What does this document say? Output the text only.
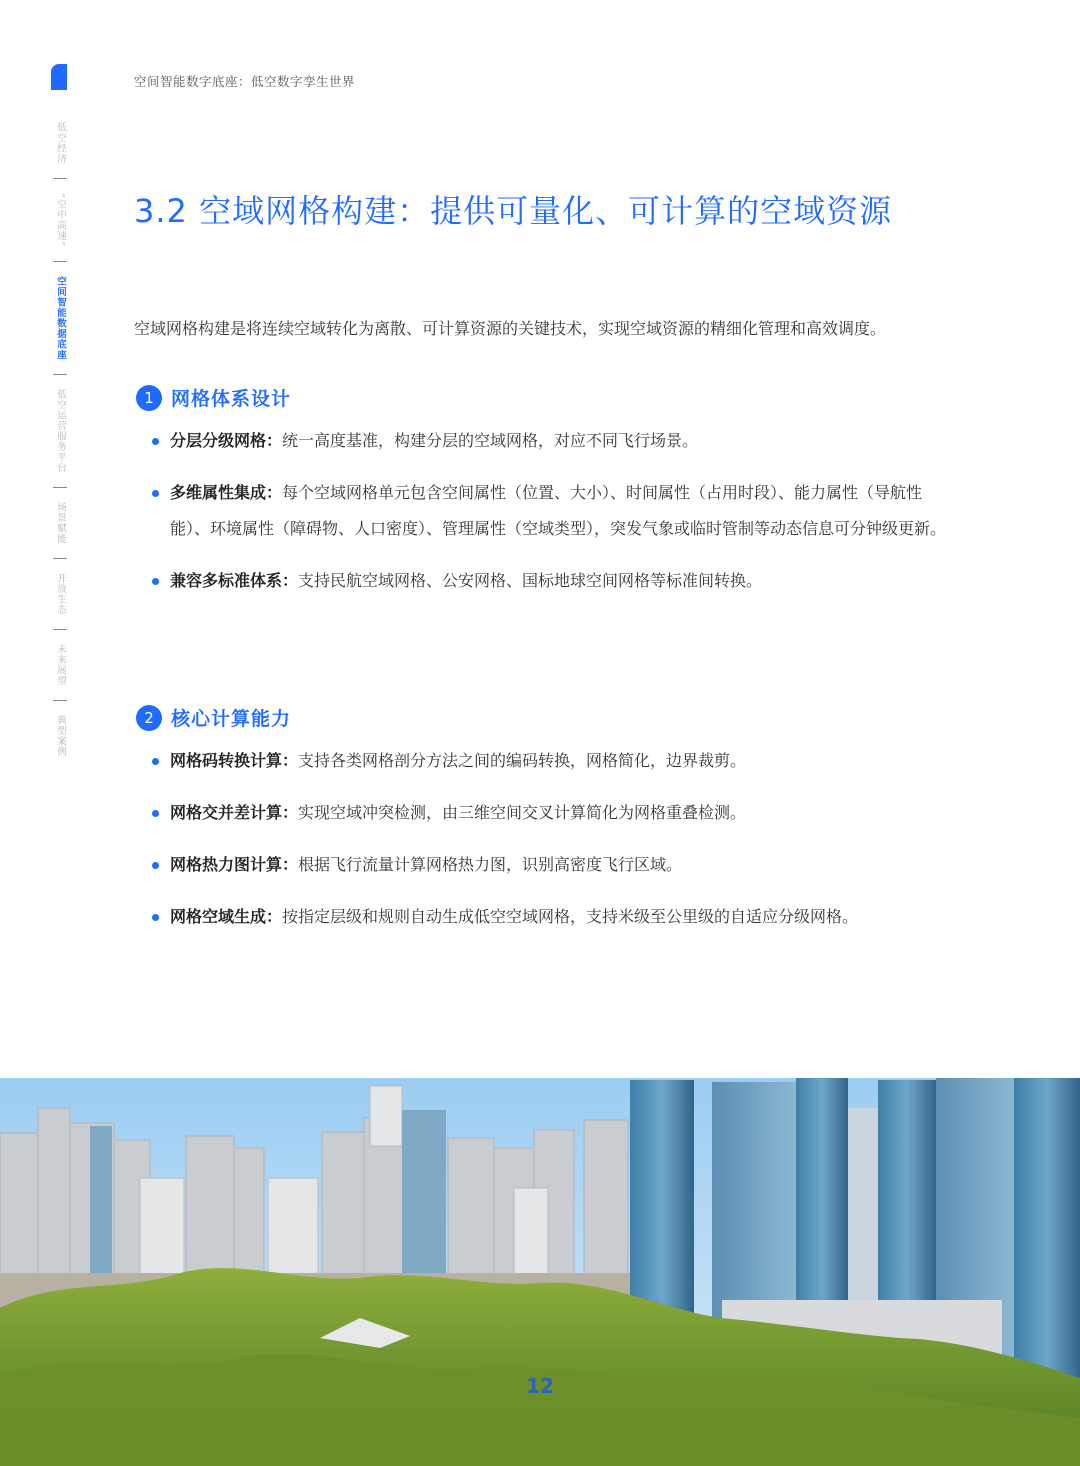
空间智能数字底座：低空数字孪生世界
低空经济
“空中高速”
空间智能数据底座
低空运营服务平台
场景赋能
开放生态
未来展望
典型案例
3.2 空域网格构建：提供可量化、可计算的空域资源

空域网格构建是将连续空域转化为离散、可计算资源的关键技术，实现空域资源的精细化管理和高效调度。

1 网格体系设计
分层分级网格：统一高度基准，构建分层的空域网格，对应不同飞行场景。
多维属性集成：每个空域网格单元包含空间属性（位置、大小）、时间属性（占用时段）、能力属性（导航性能）、环境属性（障碍物、人口密度）、管理属性（空域类型），突发气象或临时管制等动态信息可分钟级更新。
兼容多标准体系：支持民航空域网格、公安网格、国标地球空间网格等标准间转换。
2 核心计算能力
网格码转换计算：支持各类网格剖分方法之间的编码转换，网格简化，边界裁剪。
网格交并差计算：实现空域冲突检测，由三维空间交叉计算简化为网格重叠检测。
网格热力图计算：根据飞行流量计算网格热力图，识别高密度飞行区域。
网格空域生成：按指定层级和规则自动生成低空空域网格，支持米级至公里级的自适应分级网格。
12
